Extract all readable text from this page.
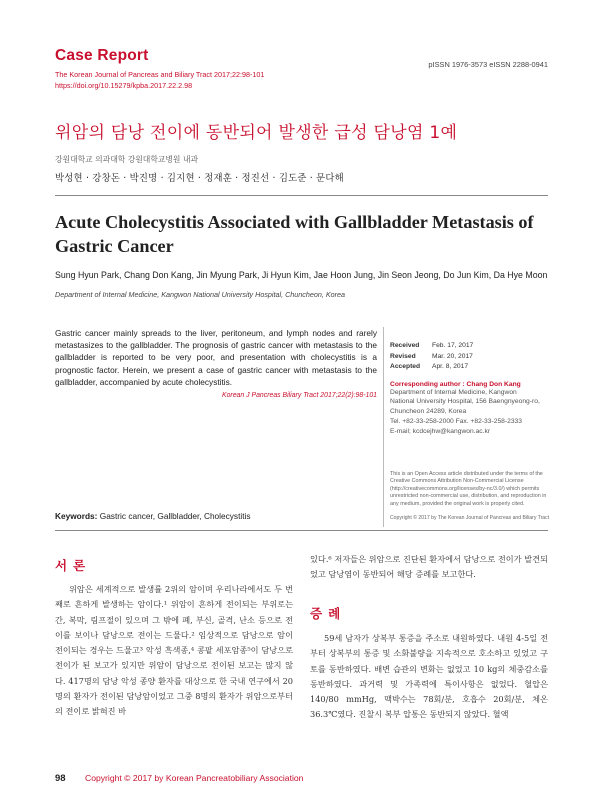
Case Report
The Korean Journal of Pancreas and Biliary Tract 2017;22:98-101
https://doi.org/10.15279/kpba.2017.22.2.98
pISSN 1976-3573 eISSN 2288-0941
위암의 담낭 전이에 동반되어 발생한 급성 담낭염 1예
강원대학교 의과대학 강원대학교병원 내과
박성현 · 강창돈 · 박진명 · 김지현 · 정재훈 · 정진선 · 김도준 · 문다해
Acute Cholecystitis Associated with Gallbladder Metastasis of Gastric Cancer
Sung Hyun Park, Chang Don Kang, Jin Myung Park, Ji Hyun Kim, Jae Hoon Jung, Jin Seon Jeong, Do Jun Kim, Da Hye Moon
Department of Internal Medicine, Kangwon National University Hospital, Chuncheon, Korea
Gastric cancer mainly spreads to the liver, peritoneum, and lymph nodes and rarely metastasizes to the gallbladder. The prognosis of gastric cancer with metastasis to the gallbladder is reported to be very poor, and presentation with cholecystitis is a prognostic factor. Herein, we present a case of gastric cancer with metastasis to the gallbladder, accompanied by acute cholecystitis.
Korean J Pancreas Biliary Tract 2017;22(2):98-101
Keywords: Gastric cancer, Gallbladder, Cholecystitis
Received Feb. 17, 2017
Revised Mar. 20, 2017
Accepted Apr. 8, 2017
Corresponding author : Chang Don Kang
Department of Internal Medicine, Kangwon
National University Hospital, 156 Baengnyeong-ro,
Chuncheon 24289, Korea
Tel. +82-33-258-2000 Fax. +82-33-258-2333
E-mail; kcdcejhw@kangwon.ac.kr
This is an Open Access article distributed under the terms of the Creative Commons Attribution Non-Commercial License (http://creativecommons.org/licenses/by-nc/3.0/) which permits unrestricted non-commercial use, distribution, and reproduction in any medium, provided the original work is properly cited.
Copyright © 2017 by The Korean Journal of Pancreas and Biliary Tract
서론

위암은 세계적으로 발생률 2위의 암이며 우리나라에서도 두 번째로 흔하게 발생하는 암이다.¹ 위암이 흔하게 전이되는 부위로는 간, 복막, 림프절이 있으며 그 밖에 폐, 부신, 골격, 난소 등으로 전이를 보이나 담낭으로 전이는 드물다.² 임상적으로 담낭으로 암이 전이되는 경우는 드물고³ 악성 흑색종,⁴ 콩팥 세포암종⁵이 담낭으로 전이가 된 보고가 있지만 위암이 담낭으로 전이된 보고는 많지 않다. 417명의 담낭 악성 종양 환자를 대상으로 한 국내 연구에서 20명의 환자가 전이된 담낭암이었고 그중 8명의 환자가 위암으로부터의 전이로 밝혀진 바

있다.⁶ 저자들은 위암으로 진단된 환자에서 담낭으로 전이가 발견되었고 담낭염이 동반되어 해당 증례를 보고한다.

증례

59세 남자가 상복부 통증을 주소로 내원하였다. 내원 4-5일 전부터 상복부의 통증 및 소화불량을 지속적으로 호소하고 있었고 구토를 동반하였다. 배변 습관의 변화는 없었고 10 kg의 체중감소를 동반하였다. 과거력 및 가족력에 특이사항은 없었다. 혈압은 140/80 mmHg, 맥박수는 78회/분, 호흡수 20회/분, 체온 36.3℃였다. 진찰시 복부 압통은 동반되지 않았다. 혈액

98 Copyright © 2017 by Korean Pancreatobiliary Association
